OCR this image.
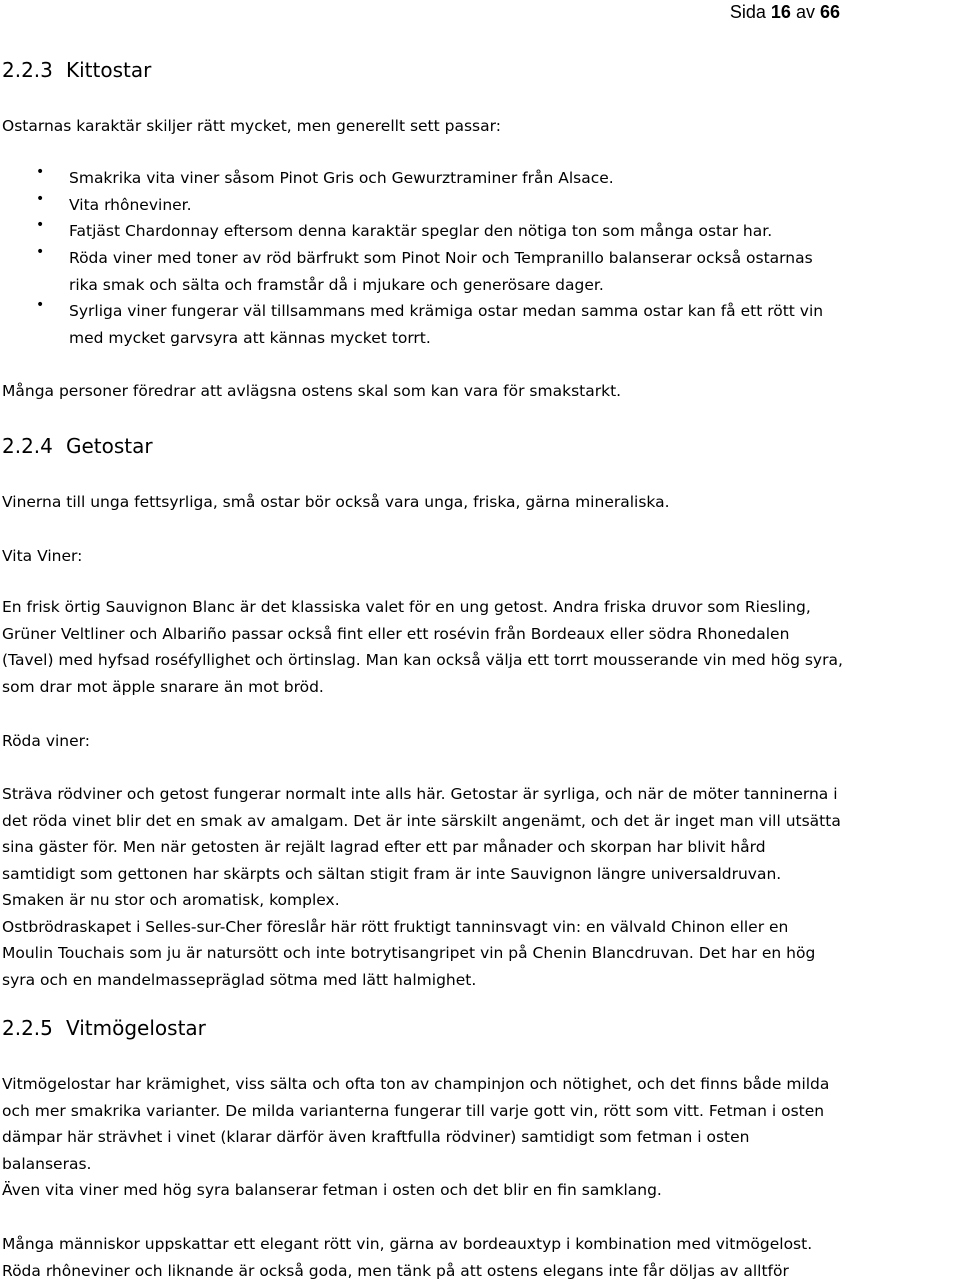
Sida 16 av 66
2.2.3 Kittostar
Ostarnas karaktär skiljer rätt mycket, men generellt sett passar:
• Smakrika vita viner såsom Pinot Gris och Gewurztraminer från Alsace.
• Vita rhôneviner.
• Fatjäst Chardonnay eftersom denna karaktär speglar den nötiga ton som många ostar har.
• Röda viner med toner av röd bärfrukt som Pinot Noir och Tempranillo balanserar också ostarnas
rika smak och sälta och framstår då i mjukare och generösare dager.
• Syrliga viner fungerar väl tillsammans med krämiga ostar medan samma ostar kan få ett rött vin
med mycket garvsyra att kännas mycket torrt.
Många personer föredrar att avlägsna ostens skal som kan vara för smakstarkt.
2.2.4 Getostar
Vinerna till unga fettsyrliga, små ostar bör också vara unga, friska, gärna mineraliska.
Vita Viner:
En frisk örtig Sauvignon Blanc är det klassiska valet för en ung getost. Andra friska druvor som Riesling,
Grüner Veltliner och Albariño passar också fint eller ett rosévin från Bordeaux eller södra Rhonedalen
(Tavel) med hyfsad roséfyllighet och örtinslag. Man kan också välja ett torrt mousserande vin med hög syra,
som drar mot äpple snarare än mot bröd.
Röda viner:
Sträva rödviner och getost fungerar normalt inte alls här. Getostar är syrliga, och när de möter tanninerna i
det röda vinet blir det en smak av amalgam. Det är inte särskilt angenämt, och det är inget man vill utsätta
sina gäster för. Men när getosten är rejält lagrad efter ett par månader och skorpan har blivit hård
samtidigt som gettonen har skärpts och sältan stigit fram är inte Sauvignon längre universaldruvan.
Smaken är nu stor och aromatisk, komplex.
Ostbrödraskapet i Selles-sur-Cher föreslår här rött fruktigt tanninsvagt vin: en välvald Chinon eller en
Moulin Touchais som ju är natursött och inte botrytisangripet vin på Chenin Blancdruvan. Det har en hög
syra och en mandelmassepräglad sötma med lätt halmighet.
2.2.5 Vitmögelostar
Vitmögelostar har krämighet, viss sälta och ofta ton av champinjon och nötighet, och det finns både milda
och mer smakrika varianter. De milda varianterna fungerar till varje gott vin, rött som vitt. Fetman i osten
dämpar här strävhet i vinet (klarar därför även kraftfulla rödviner) samtidigt som fetman i osten
balanseras.
Även vita viner med hög syra balanserar fetman i osten och det blir en fin samklang.
Många människor uppskattar ett elegant rött vin, gärna av bordeauxtyp i kombination med vitmögelost.
Röda rhôneviner och liknande är också goda, men tänk på att ostens elegans inte får döljas av alltför
